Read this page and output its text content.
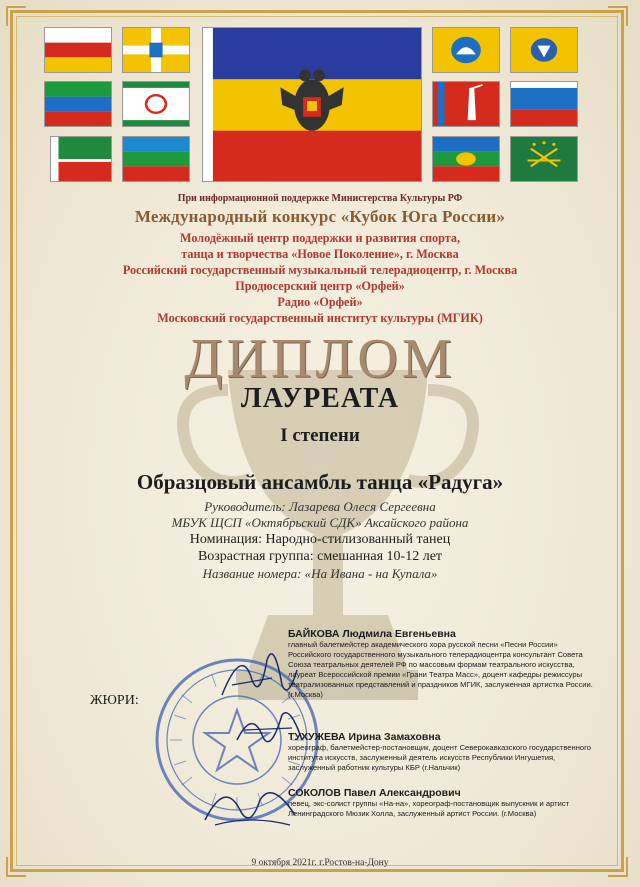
При информационной поддержке Министерства Культуры РФ
Международный конкурс «Кубок Юга России»
Молодёжный центр поддержки и развития спорта,
танца и творчества «Новое Поколение», г. Москва
Российский государственный музыкальный телерадиоцентр, г. Москва
Продюсерский центр «Орфей»
Радио «Орфей»
Московский государственный институт культуры (МГИК)
ДИПЛОМ
ЛАУРЕАТА
I степени
Образцовый ансамбль танца «Радуга»
Руководитель: Лазарева Олеся Сергеевна
МБУК ЩСП «Октябрьский СДК» Аксайского района
Номинация: Народно-стилизованный танец
Возрастная группа: смешанная 10-12 лет
Название номера: «На Ивана - на Купала»
ЖЮРИ:
БАЙКОВА Людмила Евгеньевна
главный балетмейстер академического хора русской песни «Песни России» Российского государственного музыкального телерадиоцентра консультант Совета Союза театральных деятелей РФ по массовым формам театрального искусства, лауреат Всероссийской премии «Грани Театра Масс», доцент кафедры режиссуры театрализованных представлений и праздников МГИК, заслуженная артистка России. (г.Москва)
ТУХУЖЕВА Ирина Замаховна
хореограф, балетмейстер-постановщик, доцент Северокавказского государственного института искусств, заслуженный деятель искусств Республики Ингушетия, заслуженный работник культуры КБР (г.Нальчик)
СОКОЛОВ Павел Александрович
певец, экс-солист группы «На-на», хореограф-постановщик выпускник и артист Ленинградского Мюзик Холла, заслуженный артист России. (г.Москва)
9 октября 2021г. г.Ростов-на-Дону
